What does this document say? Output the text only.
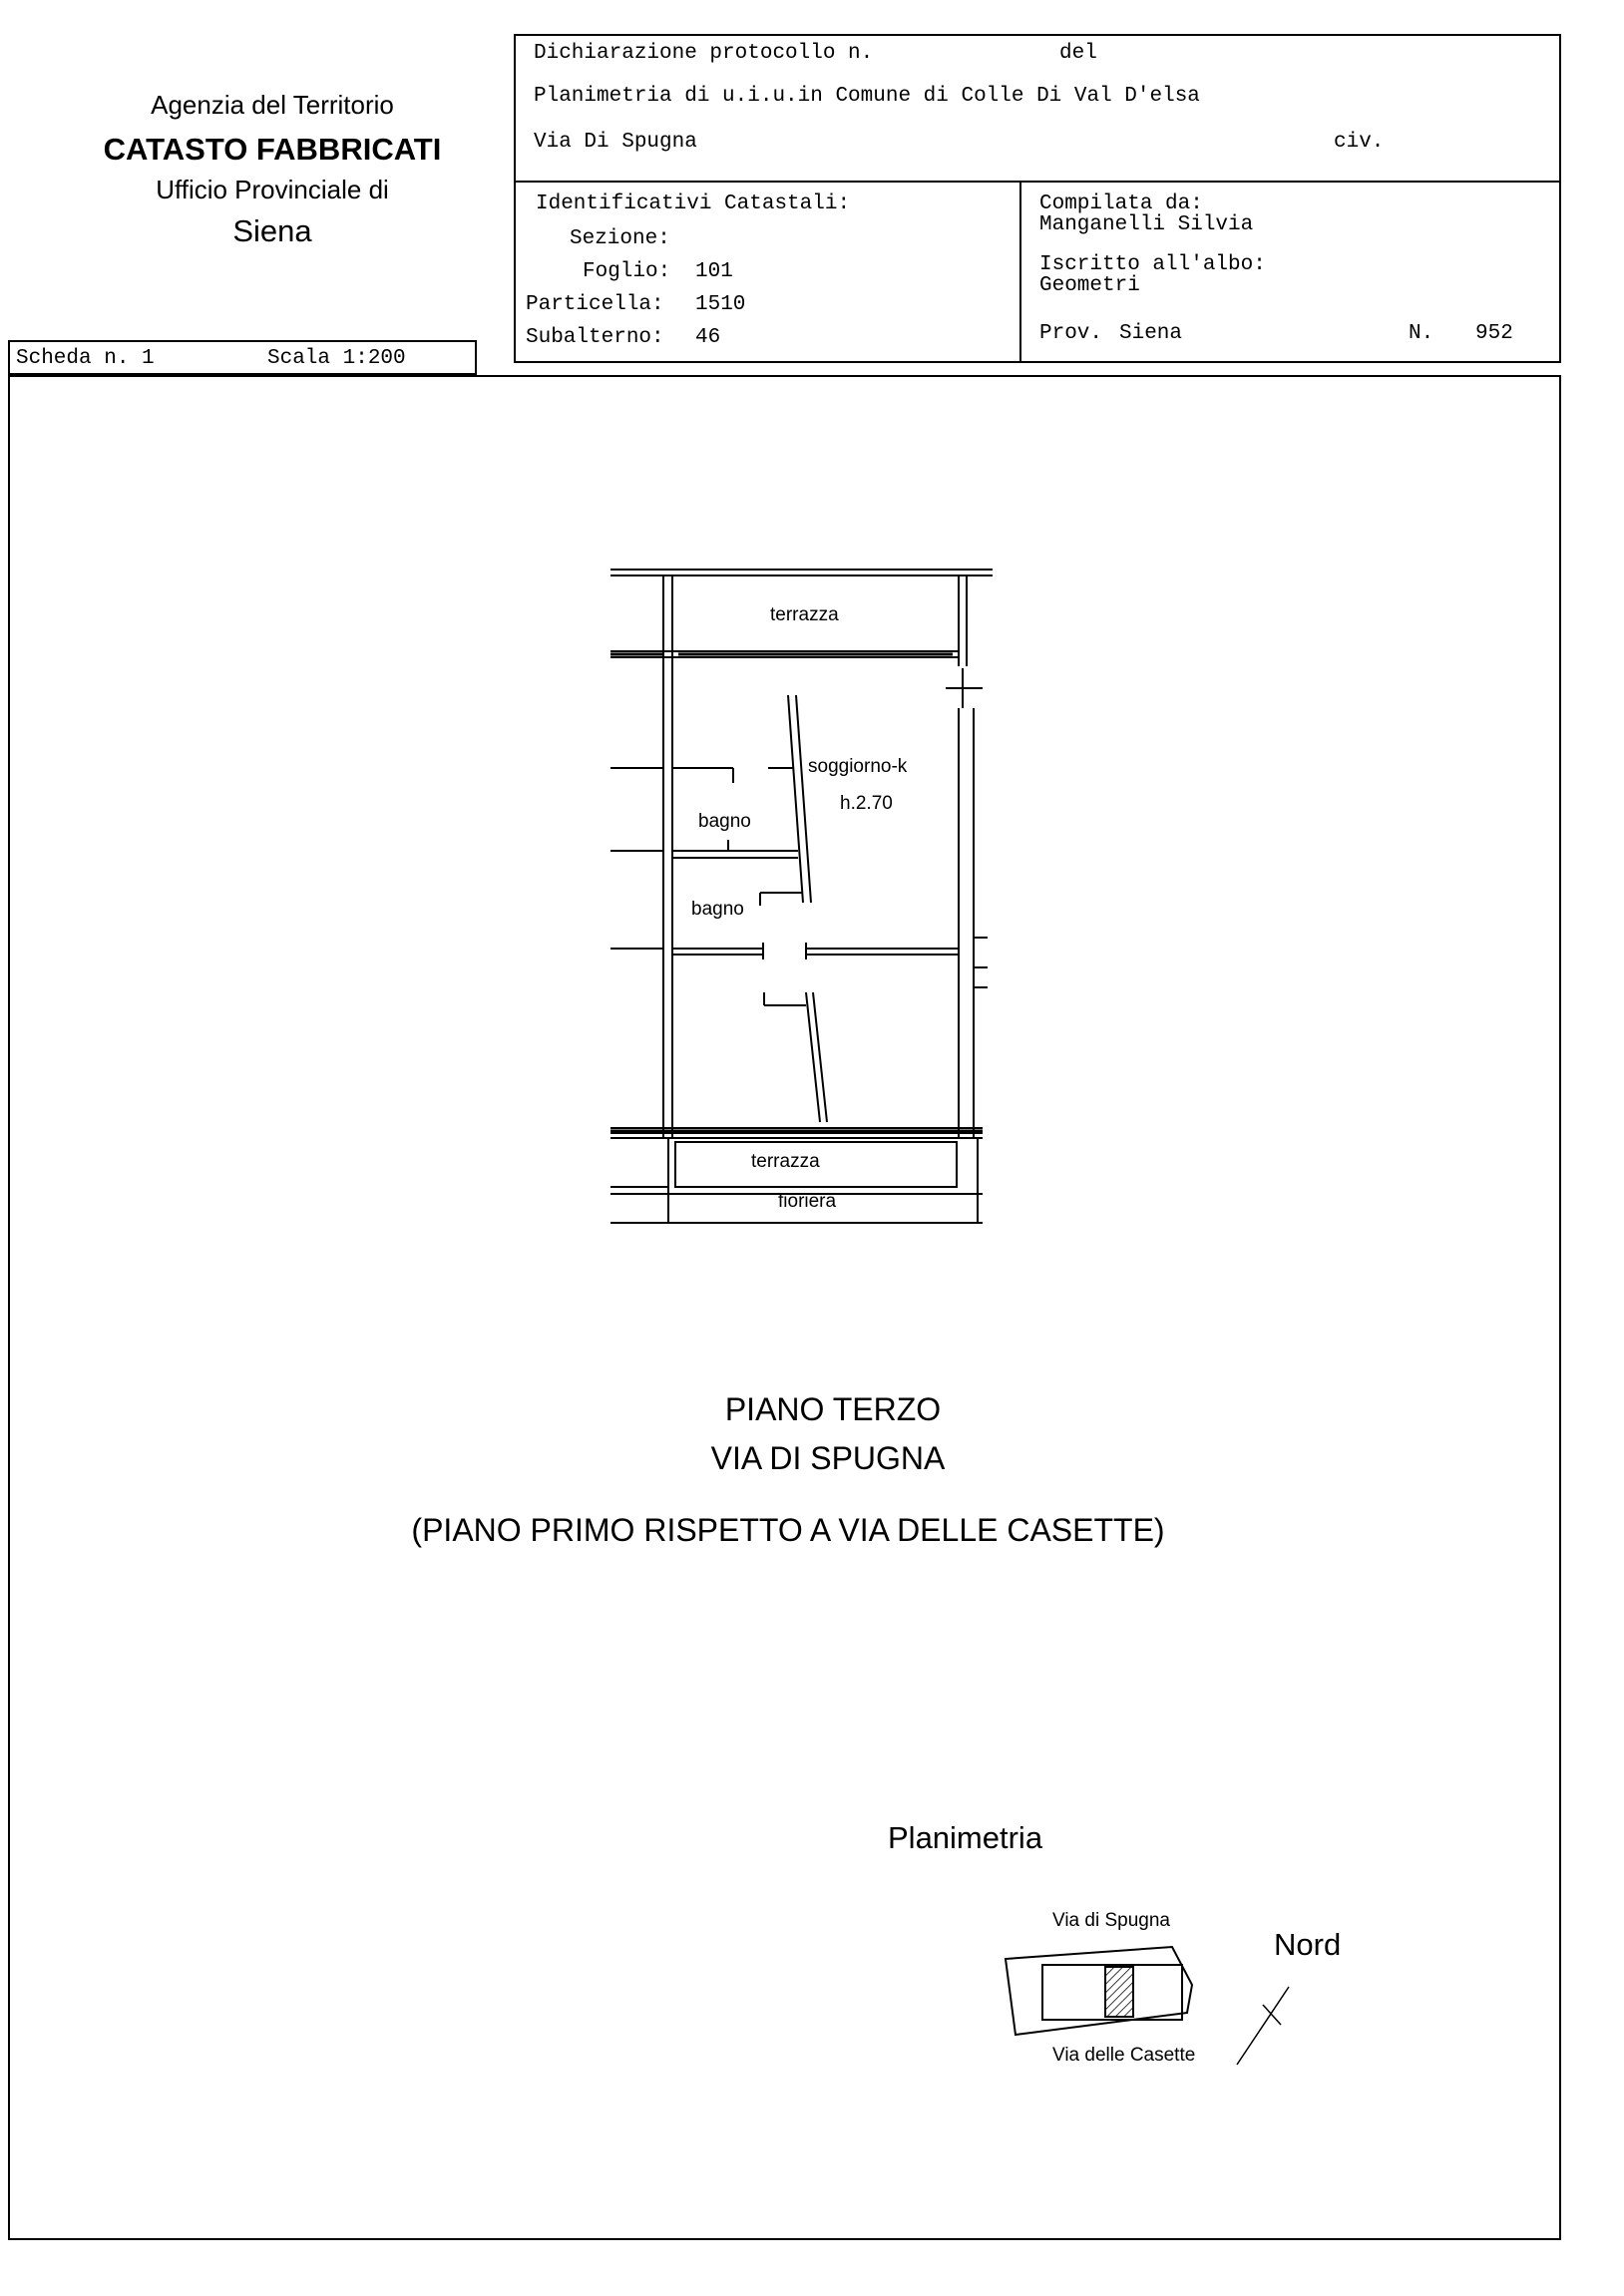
Agenzia del Territorio
CATASTO FABBRICATI
Ufficio Provinciale di
Siena
Scheda n. 1	Scala 1:200
Dichiarazione protocollo n.	del
Planimetria di u.i.u.in Comune di Colle Di Val D'elsa
Via Di Spugna	civ.
Identificativi Catastali:
Sezione:
Foglio: 101
Particella: 1510
Subalterno: 46
Compilata da:
Manganelli Silvia
Iscritto all'albo:
Geometri
Prov. Siena	N. 952
terrazza
soggiorno-k
h.2.70
bagno
bagno
terrazza
fioriera
PIANO TERZO
VIA DI SPUGNA
(PIANO PRIMO RISPETTO A VIA DELLE CASETTE)
Planimetria
Via di Spugna
Via delle Casette
Nord
